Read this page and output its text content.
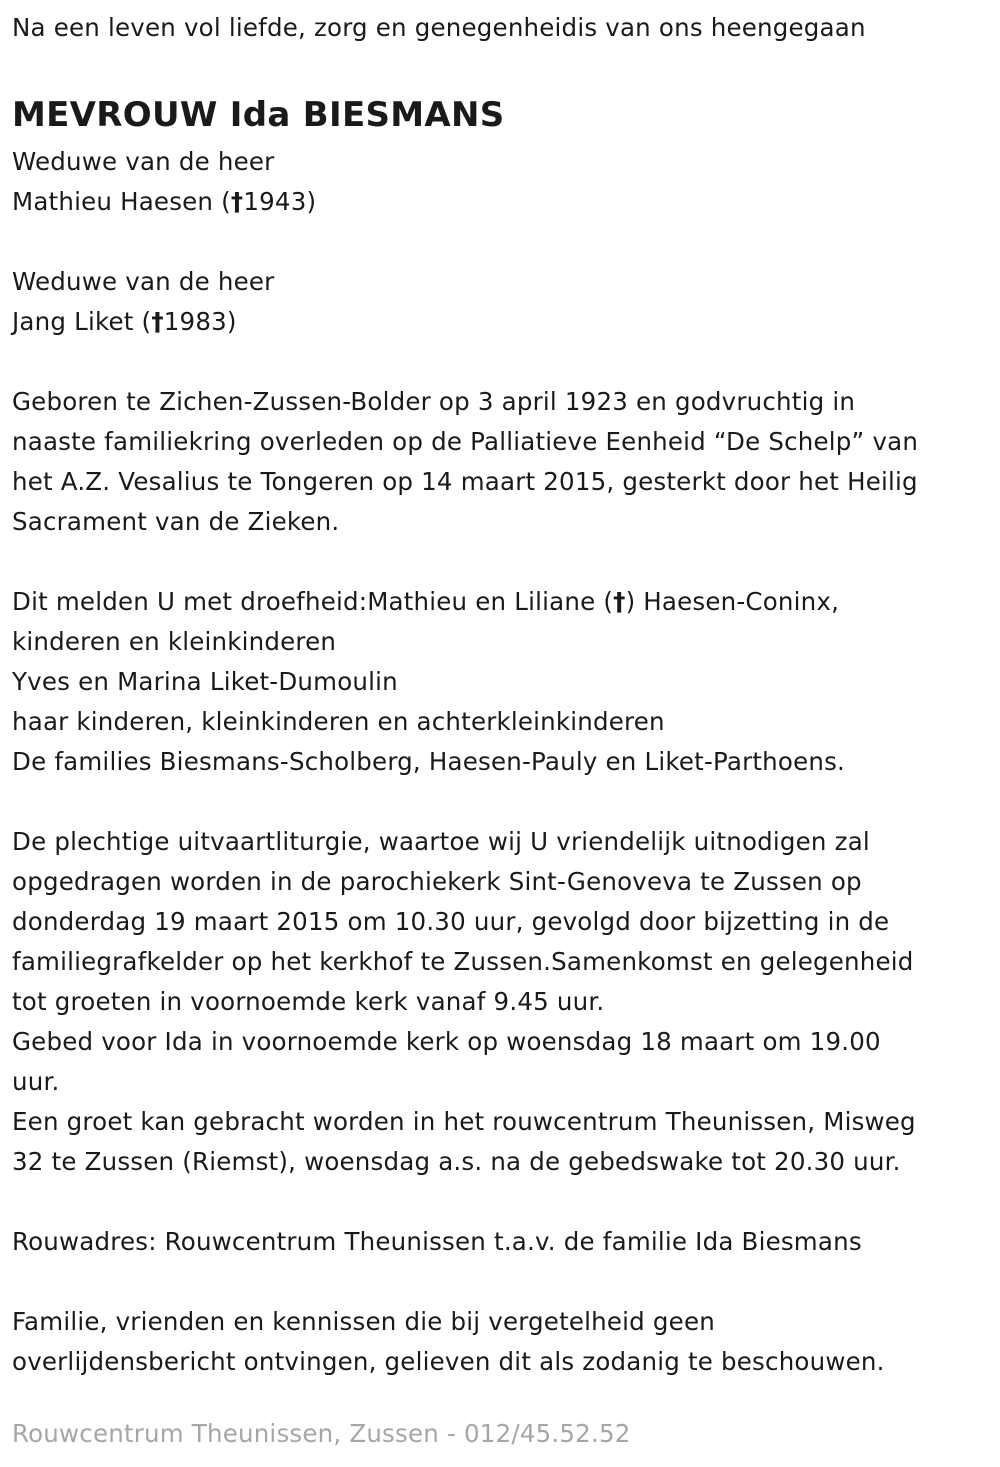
Na een leven vol liefde, zorg en genegenheidis van ons heengegaan
MEVROUW Ida BIESMANS
Weduwe van de heer
Mathieu Haesen (†1943)
Weduwe van de heer
Jang Liket (†1983)
Geboren te Zichen-Zussen-Bolder op 3 april 1923 en godvruchtig in
naaste familiekring overleden op de Palliatieve Eenheid “De Schelp” van
het A.Z. Vesalius te Tongeren op 14 maart 2015, gesterkt door het Heilig
Sacrament van de Zieken.
Dit melden U met droefheid:Mathieu en Liliane (†) Haesen-Coninx,
kinderen en kleinkinderen
Yves en Marina Liket-Dumoulin
haar kinderen, kleinkinderen en achterkleinkinderen
De families Biesmans-Scholberg, Haesen-Pauly en Liket-Parthoens.
De plechtige uitvaartliturgie, waartoe wij U vriendelijk uitnodigen zal
opgedragen worden in de parochiekerk Sint-Genoveva te Zussen op
donderdag 19 maart 2015 om 10.30 uur, gevolgd door bijzetting in de
familiegrafkelder op het kerkhof te Zussen.Samenkomst en gelegenheid
tot groeten in voornoemde kerk vanaf 9.45 uur.
Gebed voor Ida in voornoemde kerk op woensdag 18 maart om 19.00
uur.
Een groet kan gebracht worden in het rouwcentrum Theunissen, Misweg
32 te Zussen (Riemst), woensdag a.s. na de gebedswake tot 20.30 uur.
Rouwadres: Rouwcentrum Theunissen t.a.v. de familie Ida Biesmans
Familie, vrienden en kennissen die bij vergetelheid geen
overlijdensbericht ontvingen, gelieven dit als zodanig te beschouwen.
Rouwcentrum Theunissen, Zussen - 012/45.52.52
